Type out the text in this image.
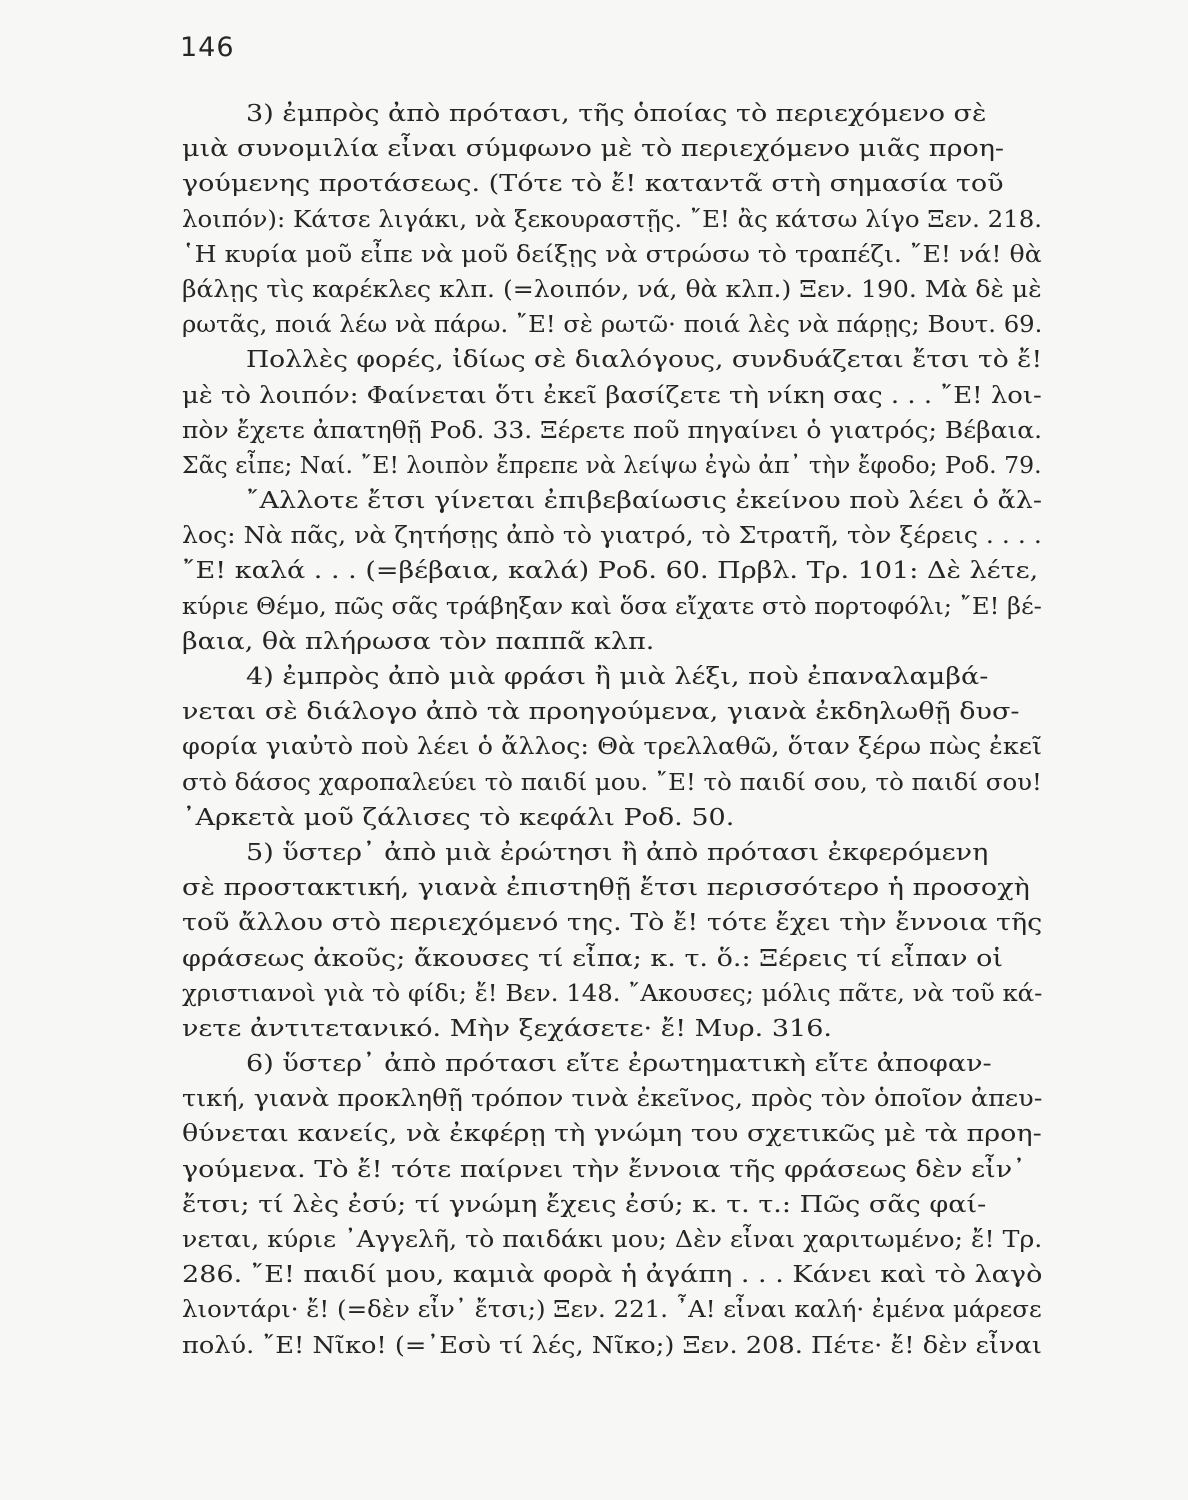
146
3) ἐμπρὸς ἀπὸ πρότασι, τῆς ὁποίας τὸ περιεχόμενο σὲ
μιὰ συνομιλία εἶναι σύμφωνο μὲ τὸ περιεχόμενο μιᾶς προη-
γούμενης προτάσεως. (Τότε τὸ ἔ! καταντᾶ στὴ σημασία τοῦ
λοιπόν): Κάτσε λιγάκι, νὰ ξεκουραστῇς. ῎Ε! ἂς κάτσω λίγο Ξεν. 218.
῾Η κυρία μοῦ εἶπε νὰ μοῦ δείξῃς νὰ στρώσω τὸ τραπέζι. ῎Ε! νά! θὰ
βάλῃς τὶς καρέκλες κλπ. (=λοιπόν, νά, θὰ κλπ.) Ξεν. 190. Μὰ δὲ μὲ
ρωτᾶς, ποιά λέω νὰ πάρω. ῎Ε! σὲ ρωτῶ· ποιά λὲς νὰ πάρῃς; Βουτ. 69.
Πολλὲς φορές, ἰδίως σὲ διαλόγους, συνδυάζεται ἔτσι τὸ ἔ!
μὲ τὸ λοιπόν: Φαίνεται ὅτι ἐκεῖ βασίζετε τὴ νίκη σας . . . ῎Ε! λοι-
πὸν ἔχετε ἀπατηθῇ Ροδ. 33. Ξέρετε ποῦ πηγαίνει ὁ γιατρός; Βέβαια.
Σᾶς εἶπε; Ναί. ῎Ε! λοιπὸν ἔπρεπε νὰ λείψω ἐγὼ ἀπ᾽ τὴν ἔφοδο; Ροδ. 79.
῎Αλλοτε ἔτσι γίνεται ἐπιβεβαίωσις ἐκείνου ποὺ λέει ὁ ἄλ-
λος: Νὰ πᾶς, νὰ ζητήσῃς ἀπὸ τὸ γιατρό, τὸ Στρατῆ, τὸν ξέρεις . . . .
῎Ε! καλά . . . (=βέβαια, καλά) Ροδ. 60. Πρβλ. Τρ. 101: Δὲ λέτε,
κύριε Θέμο, πῶς σᾶς τράβηξαν καὶ ὅσα εἴχατε στὸ πορτοφόλι; ῎Ε! βέ-
βαια, θὰ πλήρωσα τὸν παππᾶ κλπ.
4) ἐμπρὸς ἀπὸ μιὰ φράσι ἢ μιὰ λέξι, ποὺ ἐπαναλαμβά-
νεται σὲ διάλογο ἀπὸ τὰ προηγούμενα, γιανὰ ἐκδηλωθῇ δυσ-
φορία γιαὐτὸ ποὺ λέει ὁ ἄλλος: Θὰ τρελλαθῶ, ὅταν ξέρω πὼς ἐκεῖ
στὸ δάσος χαροπαλεύει τὸ παιδί μου. ῎Ε! τὸ παιδί σου, τὸ παιδί σου!
᾿Αρκετὰ μοῦ ζάλισες τὸ κεφάλι Ροδ. 50.
5) ὕστερ᾽ ἀπὸ μιὰ ἐρώτησι ἢ ἀπὸ πρότασι ἐκφερόμενη
σὲ προστακτική, γιανὰ ἐπιστηθῇ ἔτσι περισσότερο ἡ προσοχὴ
τοῦ ἄλλου στὸ περιεχόμενό της. Τὸ ἔ! τότε ἔχει τὴν ἔννοια τῆς
φράσεως ἀκοῦς; ἄκουσες τί εἶπα; κ. τ. ὅ.: Ξέρεις τί εἶπαν οἱ
χριστιανοὶ γιὰ τὸ φίδι; ἔ! Βεν. 148. ῎Ακουσες; μόλις πᾶτε, νὰ τοῦ κά-
νετε ἀντιτετανικό. Μὴν ξεχάσετε· ἔ! Μυρ. 316.
6) ὕστερ᾽ ἀπὸ πρότασι εἴτε ἐρωτηματικὴ εἴτε ἀποφαν-
τική, γιανὰ προκληθῇ τρόπον τινὰ ἐκεῖνος, πρὸς τὸν ὁποῖον ἀπευ-
θύνεται κανείς, νὰ ἐκφέρῃ τὴ γνώμη του σχετικῶς μὲ τὰ προη-
γούμενα. Τὸ ἔ! τότε παίρνει τὴν ἔννοια τῆς φράσεως δὲν εἶν᾽
ἔτσι; τί λὲς ἐσύ; τί γνώμη ἔχεις ἐσύ; κ. τ. τ.: Πῶς σᾶς φαί-
νεται, κύριε ᾿Αγγελῆ, τὸ παιδάκι μου; Δὲν εἶναι χαριτωμένο; ἔ! Τρ.
286. ῎Ε! παιδί μου, καμιὰ φορὰ ἡ ἀγάπη . . . Κάνει καὶ τὸ λαγὸ
λιοντάρι· ἔ! (=δὲν εἶν᾽ ἔτσι;) Ξεν. 221. ῏Α! εἶναι καλή· ἐμένα μάρεσε
πολύ. ῎Ε! Νῖκο! (=᾿Εσὺ τί λές, Νῖκο;) Ξεν. 208. Πέτε· ἔ! δὲν εἶναι
